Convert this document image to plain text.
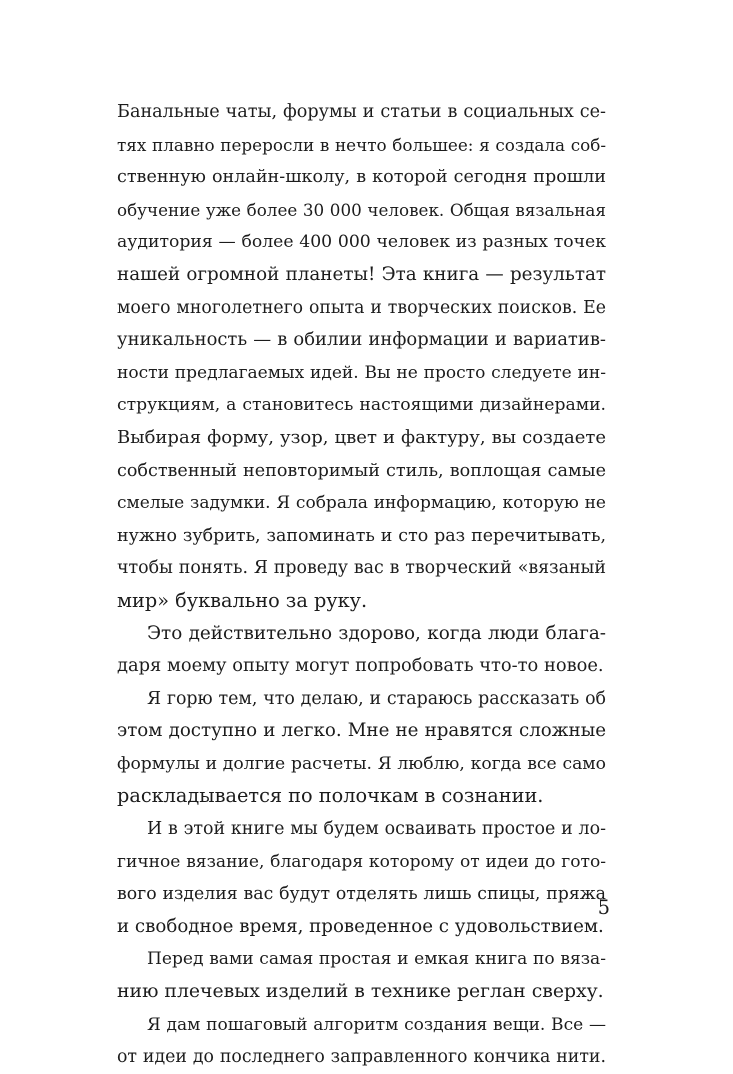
Банальные чаты, форумы и статьи в социальных се-
тях плавно переросли в нечто большее: я создала соб-
ственную онлайн-школу, в которой сегодня прошли
обучение уже более 30 000 человек. Общая вязальная
аудитория — более 400 000 человек из разных точек
нашей огромной планеты! Эта книга — результат
моего многолетнего опыта и творческих поисков. Ее
уникальность — в обилии информации и вариатив-
ности предлагаемых идей. Вы не просто следуете ин-
струкциям, а становитесь настоящими дизайнерами.
Выбирая форму, узор, цвет и фактуру, вы создаете
собственный неповторимый стиль, воплощая самые
смелые задумки. Я собрала информацию, которую не
нужно зубрить, запоминать и сто раз перечитывать,
чтобы понять. Я проведу вас в творческий «вязаный
мир» буквально за руку.
Это действительно здорово, когда люди блага-
даря моему опыту могут попробовать что-то новое.
Я горю тем, что делаю, и стараюсь рассказать об
этом доступно и легко. Мне не нравятся сложные
формулы и долгие расчеты. Я люблю, когда все само
раскладывается по полочкам в сознании.
И в этой книге мы будем осваивать простое и ло-
гичное вязание, благодаря которому от идеи до гото-
вого изделия вас будут отделять лишь спицы, пряжа
и свободное время, проведенное с удовольствием.
Перед вами самая простая и емкая книга по вяза-
нию плечевых изделий в технике реглан сверху.
Я дам пошаговый алгоритм создания вещи. Все —
от идеи до последнего заправленного кончика нити.
5
